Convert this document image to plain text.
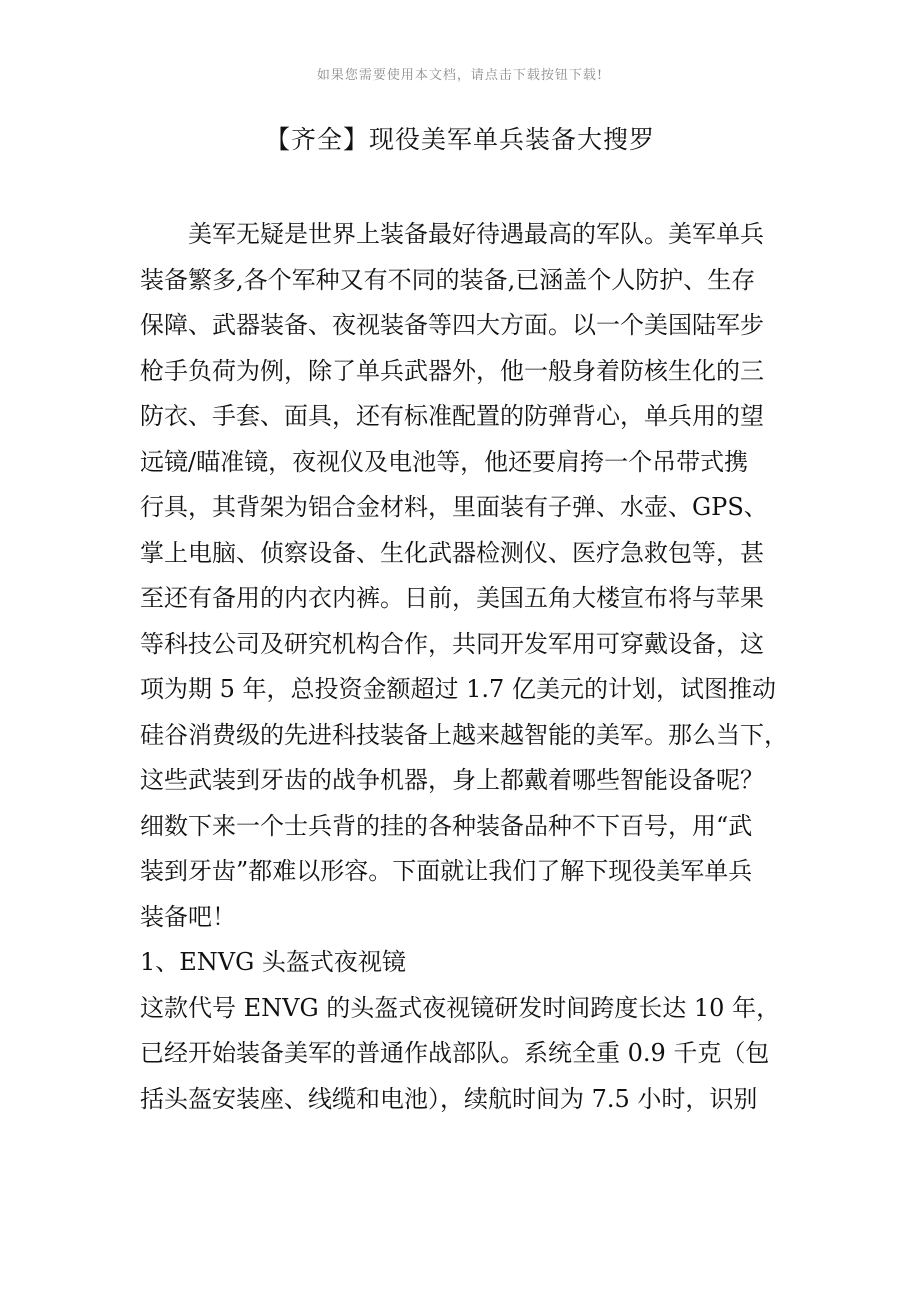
如果您需要使用本文档，请点击下载按钮下载!
【齐全】现役美军单兵装备大搜罗
　　美军无疑是世界上装备最好待遇最高的军队。美军单兵
装备繁多,各个军种又有不同的装备,已涵盖个人防护、生存
保障、武器装备、夜视装备等四大方面。以一个美国陆军步
枪手负荷为例，除了单兵武器外，他一般身着防核生化的三
防衣、手套、面具，还有标准配置的防弹背心，单兵用的望
远镜/瞄准镜，夜视仪及电池等，他还要肩挎一个吊带式携
行具，其背架为铝合金材料，里面装有子弹、水壶、GPS、
掌上电脑、侦察设备、生化武器检测仪、医疗急救包等，甚
至还有备用的内衣内裤。日前，美国五角大楼宣布将与苹果
等科技公司及研究机构合作，共同开发军用可穿戴设备，这
项为期 5 年，总投资金额超过 1.7 亿美元的计划，试图推动
硅谷消费级的先进科技装备上越来越智能的美军。那么当下，
这些武装到牙齿的战争机器，身上都戴着哪些智能设备呢？
细数下来一个士兵背的挂的各种装备品种不下百号，用“武
装到牙齿”都难以形容。下面就让我们了解下现役美军单兵
装备吧！
1、ENVG 头盔式夜视镜
这款代号 ENVG 的头盔式夜视镜研发时间跨度长达 10 年，
已经开始装备美军的普通作战部队。系统全重 0.9 千克（包
括头盔安装座、线缆和电池），续航时间为 7.5 小时，识别
